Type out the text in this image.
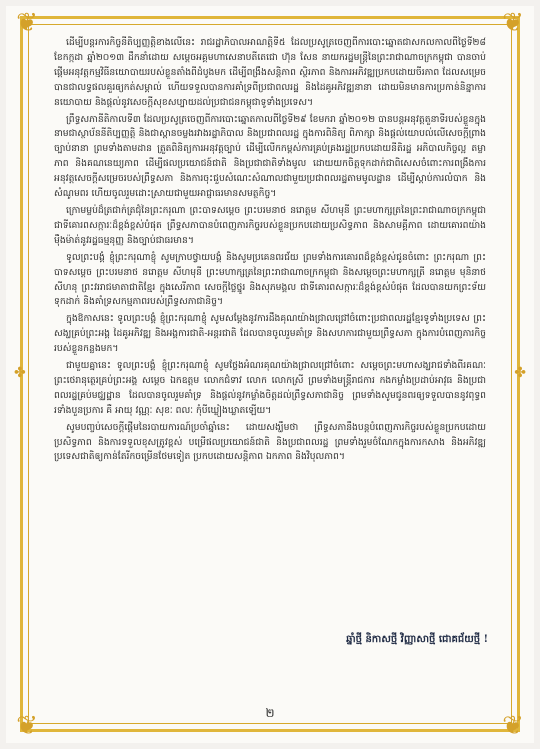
❦	❦
❦	❦
✤	✤

ដើម្បីបន្តរការកិច្ចនីតិប្បញ្ញត្តិខាងលើនេះ រាជរដ្ឋាភិបាលអាណត្តិទី៥ ដែលប្រសូត្រចេញពីការបោះឆ្នោតជាសកលកាលពីថ្ងៃទី២៨ ខែកក្កដា ឆ្នាំ២០១៣ ដឹកនាំដោយ សម្តេចអគ្គមហាសេនាបតីតេជោ ហ៊ុន សែន នាយករដ្ឋមន្ត្រីនៃព្រះរាជាណាចក្រកម្ពុជា បានចាប់ផ្តើមអនុវត្តកម្មវិធីនយោបាយរបស់ខ្លួនតាំងពីដំបូងមក ដើម្បីពង្រឹងសន្តិភាព ស្ថិរភាព និងការអភិវឌ្ឍប្រកបដោយចីរភាព ដែលសម្រេចបានជាលទ្ធផលគួរឲ្យកត់សម្គាល់ ហើយទទួលបានការគាំទ្រពីប្រជាពលរដ្ឋ និងដៃគូអភិវឌ្ឍនានា ដោយមិនមានការប្រកាន់និន្នាការនយោបាយ និងផ្តល់នូវសេចក្តីសុខសប្បាយដល់ប្រជាជនកម្ពុជាទូទាំងប្រទេស។

ព្រឹទ្ធសភានីតិកាលទី៣ ដែលប្រសូត្រចេញពីការបោះឆ្នោតកាលពីថ្ងៃទី២៩ ខែមករា ឆ្នាំ២០១២ បានបន្តអនុវត្តតួនាទីរបស់ខ្លួនក្នុងនាមជាស្ថាប័ននីតិប្បញ្ញត្តិ និងជាស្ពានចម្លងរវាងរដ្ឋាភិបាល និងប្រជាពលរដ្ឋ ក្នុងការពិនិត្យ ពិភាក្សា និងផ្តល់យោបល់លើសេចក្តីព្រាងច្បាប់នានា ព្រមទាំងតាមដាន ត្រួតពិនិត្យការអនុវត្តច្បាប់ ដើម្បីលើកកម្ពស់ការគ្រប់គ្រងរដ្ឋប្រកបដោយនីតិរដ្ឋ អភិបាលកិច្ចល្អ តម្លាភាព និងគណនេយ្យភាព ដើម្បីផលប្រយោជន៍ជាតិ និងប្រជាជាតិទាំងមូល ដោយយកចិត្តទុកដាក់ជាពិសេសចំពោះការពង្រឹងការអនុវត្តសេចក្តីសម្រេចរបស់ព្រឹទ្ធសភា និងការចុះជួបសំណេះសំណាលជាមួយប្រជាពលរដ្ឋតាមមូលដ្ឋាន ដើម្បីស្តាប់ការលំបាក និងសំណូមពរ ហើយចូលរួមដោះស្រាយជាមួយអាជ្ញាធរមានសមត្ថកិច្ច។

ក្រោមម្លប់ដ៏ត្រជាក់ត្រជុំនៃព្រះករុណា ព្រះបាទសម្តេច ព្រះបរមនាថ នរោត្តម សីហមុនី ព្រះមហាក្សត្រនៃព្រះរាជាណាចក្រកម្ពុជា ជាទីគោរពសក្ការៈដ៏ខ្ពង់ខ្ពស់បំផុត ព្រឹទ្ធសភាបានបំពេញភារកិច្ចរបស់ខ្លួនប្រកបដោយប្រសិទ្ធភាព និងសាមគ្គីភាព ដោយគោរពយ៉ាងម៉ឺងម៉ាត់នូវរដ្ឋធម្មនុញ្ញ និងច្បាប់ជាធរមាន។

ទូលព្រះបង្គំ ខ្ញុំព្រះករុណាខ្ញុំ សូមក្រាបថ្វាយបង្គំ និងសូមប្រគេនពរជ័យ ព្រមទាំងការគោរពដ៏ខ្ពង់ខ្ពស់ជូនចំពោះ ព្រះករុណា ព្រះបាទសម្តេច ព្រះបរមនាថ នរោត្តម សីហមុនី ព្រះមហាក្សត្រនៃព្រះរាជាណាចក្រកម្ពុជា និងសម្តេចព្រះមហាក្សត្រី នរោត្តម មុនិនាថ សីហនុ ព្រះវររាជមាតាជាតិខ្មែរ ក្នុងសេរីភាព សេចក្តីថ្លៃថ្នូរ និងសុភមង្គល ជាទីគោរពសក្ការៈដ៏ខ្ពង់ខ្ពស់បំផុត ដែលបានយកព្រះទ័យទុកដាក់ និងគាំទ្រសកម្មភាពរបស់ព្រឹទ្ធសភាជានិច្ច។

ក្នុងឱកាសនេះ ទូលព្រះបង្គំ ខ្ញុំព្រះករុណាខ្ញុំ សូមសម្តែងនូវការដឹងគុណយ៉ាងជ្រាលជ្រៅចំពោះប្រជាពលរដ្ឋខ្មែរទូទាំងប្រទេស ព្រះសង្ឃគ្រប់ព្រះអង្គ ដៃគូអភិវឌ្ឍ និងអង្គការជាតិ-អន្តរជាតិ ដែលបានចូលរួមគាំទ្រ និងសហការជាមួយព្រឹទ្ធសភា ក្នុងការបំពេញភារកិច្ចរបស់ខ្លួនកន្លងមក។

ជាមួយគ្នានេះ ទូលព្រះបង្គំ ខ្ញុំព្រះករុណាខ្ញុំ សូមថ្លែងអំណរគុណយ៉ាងជ្រាលជ្រៅចំពោះ សម្តេចព្រះមហាសង្ឃរាជទាំងពីរគណៈ ព្រះថេរានុត្ថេរគ្រប់ព្រះអង្គ សម្តេច ឯកឧត្តម លោកជំទាវ លោក លោកស្រី ព្រមទាំងមន្ត្រីរាជការ កងកម្លាំងប្រដាប់អាវុធ និងប្រជាពលរដ្ឋគ្រប់មជ្ឈដ្ឋាន ដែលបានចូលរួមគាំទ្រ និងផ្តល់នូវកម្លាំងចិត្តដល់ព្រឹទ្ធសភាជានិច្ច ព្រមទាំងសូមជូនពរឲ្យទទួលបាននូវពុទ្ធពរទាំងបួនប្រការ គឺ អាយុ វណ្ណៈ សុខៈ ពលៈ កុំបីឃ្លៀងឃ្លាតឡើយ។

សូមបញ្ចប់សេចក្តីផ្តើមនៃរបាយការណ៍ប្រចាំឆ្នាំនេះ ដោយសង្ឃឹមថា ព្រឹទ្ធសភានឹងបន្តបំពេញភារកិច្ចរបស់ខ្លួនប្រកបដោយប្រសិទ្ធភាព និងការទទួលខុសត្រូវខ្ពស់ បម្រើផលប្រយោជន៍ជាតិ និងប្រជាពលរដ្ឋ ព្រមទាំងរួមចំណែកក្នុងការកសាង និងអភិវឌ្ឍប្រទេសជាតិឲ្យកាន់តែរីកចម្រើនថែមទៀត ប្រកបដោយសន្តិភាព ឯកភាព និងវិបុលភាព។

ឆ្នាំថ្មី និកាសថ្មី វិញ្ញាសាថ្មី ជោគជ័យថ្មី !
២
